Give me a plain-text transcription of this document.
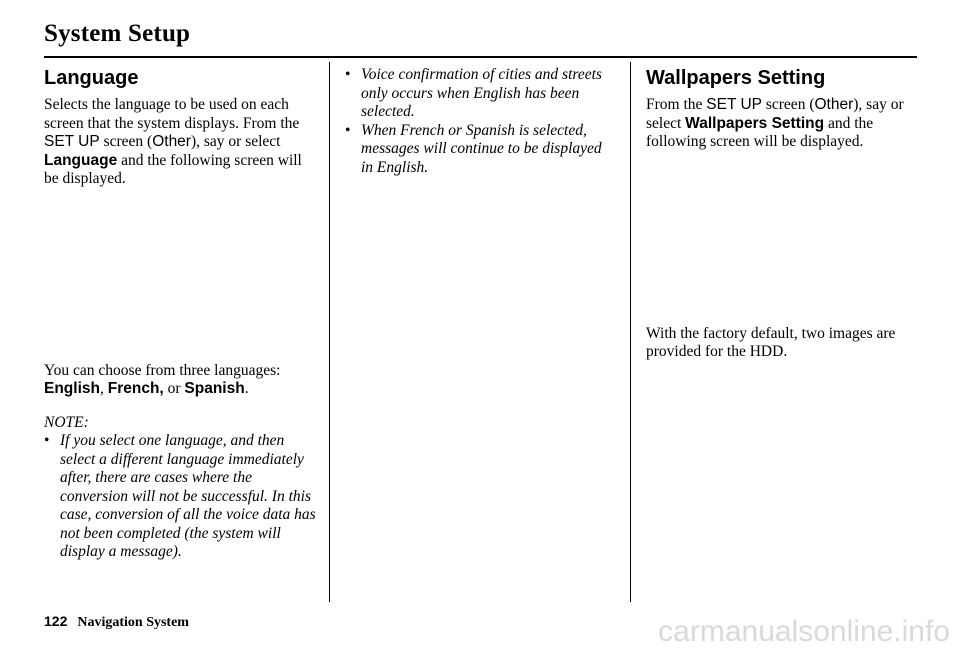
System Setup
Language

Selects the language to be used on each screen that the system displays. From the SET UP screen (Other), say or select Language and the following screen will be displayed.

You can choose from three languages:
English, French, or Spanish.

NOTE:

• If you select one language, and then select a different language immediately after, there are cases where the conversion will not be successful. In this case, conversion of all the voice data has not been completed (the system will display a message).
• Voice confirmation of cities and streets only occurs when English has been selected.
• When French or Spanish is selected, messages will continue to be displayed in English.
Wallpapers Setting

From the SET UP screen (Other), say or select Wallpapers Setting and the following screen will be displayed.

With the factory default, two images are provided for the HDD.

122 Navigation System	carmanualsonline.info
